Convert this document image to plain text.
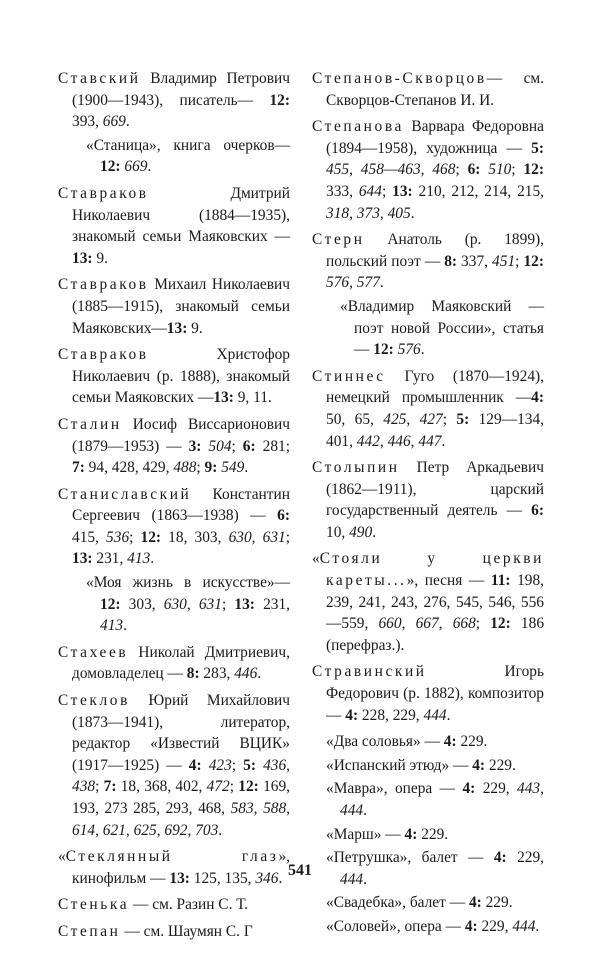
Ставский Владимир Петрович (1900—1943), писатель— 12: 393, 669.
«Станица», книга очерков— 12: 669.
Ставраков Дмитрий Николаевич (1884—1935), знакомый семьи Маяковских — 13: 9.
Ставраков Михаил Николаевич (1885—1915), знакомый семьи Маяковских—13: 9.
Ставраков Христофор Николаевич (р. 1888), знакомый семьи Маяковских —13: 9, 11.
Сталин Иосиф Виссарионович (1879—1953) — 3: 504; 6: 281; 7: 94, 428, 429, 488; 9: 549.
Станиславский Константин Сергеевич (1863—1938) — 6: 415, 536; 12: 18, 303, 630, 631; 13: 231, 413.
«Моя жизнь в искусстве»— 12: 303, 630, 631; 13: 231, 413.
Стахеев Николай Дмитриевич, домовладелец — 8: 283, 446.
Стеклов Юрий Михайлович (1873—1941), литератор, редактор «Известий ВЦИК» (1917—1925) — 4: 423; 5: 436, 438; 7: 18, 368, 402, 472; 12: 169, 193, 273 285, 293, 468, 583, 588, 614, 621, 625, 692, 703.
«Стеклянный глаз», кинофильм — 13: 125, 135, 346.
Стенька — см. Разин С. Т.
Степан — см. Шаумян С. Г
Степанов-Скворцов— см. Скворцов-Степанов И. И.
Степанова Варвара Федоровна (1894—1958), художница — 5: 455, 458—463, 468; 6: 510; 12: 333, 644; 13: 210, 212, 214, 215, 318, 373, 405.
Стерн Анатоль (р. 1899), польский поэт — 8: 337, 451; 12: 576, 577.
«Владимир Маяковский — поэт новой России», статья — 12: 576.
Стиннес Гуго (1870—1924), немецкий промышленник —4: 50, 65, 425, 427; 5: 129—134, 401, 442, 446, 447.
Столыпин Петр Аркадьевич (1862—1911), царский государственный деятель — 6: 10, 490.
«Стояли у церкви кареты...», песня — 11: 198, 239, 241, 243, 276, 545, 546, 556—559, 660, 667, 668; 12: 186 (перефраз.).
Стравинский Игорь Федорович (р. 1882), композитор — 4: 228, 229, 444.
«Два соловья» — 4: 229.
«Испанский этюд» — 4: 229.
«Мавра», опера — 4: 229, 443, 444.
«Марш» — 4: 229.
«Петрушка», балет — 4: 229, 444.
«Свадебка», балет — 4: 229.
«Соловей», опера — 4: 229, 444.
541
